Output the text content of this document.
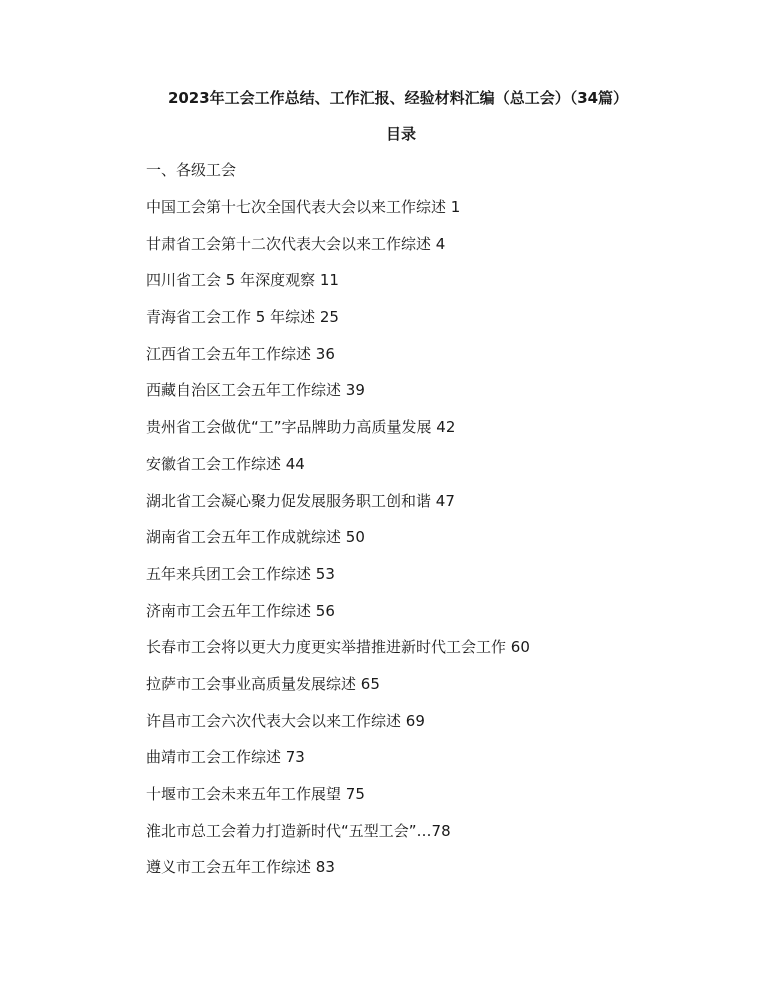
2023年工会工作总结、工作汇报、经验材料汇编（总工会）（34篇）
目录

一、各级工会

中国工会第十七次全国代表大会以来工作综述 1
甘肃省工会第十二次代表大会以来工作综述 4
四川省工会 5 年深度观察 11
青海省工会工作 5 年综述 25
江西省工会五年工作综述 36
西藏自治区工会五年工作综述 39
贵州省工会做优“工”字品牌助力高质量发展 42
安徽省工会工作综述 44
湖北省工会凝心聚力促发展服务职工创和谐 47
湖南省工会五年工作成就综述 50
五年来兵团工会工作综述 53
济南市工会五年工作综述 56
长春市工会将以更大力度更实举措推进新时代工会工作 60
拉萨市工会事业高质量发展综述 65
许昌市工会六次代表大会以来工作综述 69
曲靖市工会工作综述 73
十堰市工会未来五年工作展望 75
淮北市总工会着力打造新时代“五型工会”…78
遵义市工会五年工作综述 83
